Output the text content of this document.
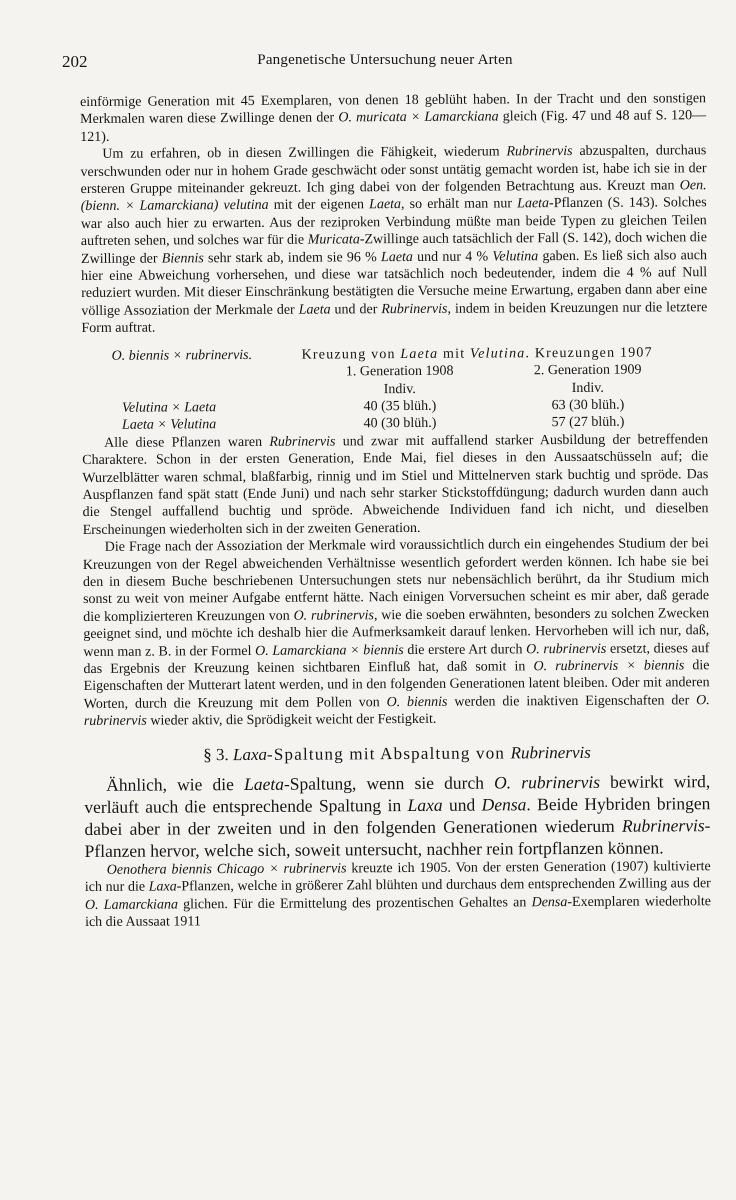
202	Pangenetische Untersuchung neuer Arten

einförmige Generation mit 45 Exemplaren, von denen 18 geblüht haben. In der Tracht und den sonstigen Merkmalen waren diese Zwillinge denen der O. muricata × Lamarckiana gleich (Fig. 47 und 48 auf S. 120—121).

Um zu erfahren, ob in diesen Zwillingen die Fähigkeit, wiederum Rubrinervis abzuspalten, durchaus verschwunden oder nur in hohem Grade geschwächt oder sonst untätig gemacht worden ist, habe ich sie in der ersteren Gruppe miteinander gekreuzt. Ich ging dabei von der folgenden Betrachtung aus. Kreuzt man Oen. (bienn. × Lamarckiana) velutina mit der eigenen Laeta, so erhält man nur Laeta-Pflanzen (S. 143). Solches war also auch hier zu erwarten. Aus der reziproken Verbindung müßte man beide Typen zu gleichen Teilen auftreten sehen, und solches war für die Muricata-Zwillinge auch tatsächlich der Fall (S. 142), doch wichen die Zwillinge der Biennis sehr stark ab, indem sie 96 % Laeta und nur 4 % Velutina gaben. Es ließ sich also auch hier eine Abweichung vorhersehen, und diese war tatsächlich noch bedeutender, indem die 4 % auf Null reduziert wurden. Mit dieser Einschränkung bestätigten die Versuche meine Erwartung, ergaben dann aber eine völlige Assoziation der Merkmale der Laeta und der Rubrinervis, indem in beiden Kreuzungen nur die letztere Form auftrat.

O. biennis × rubrinervis.	Kreuzung von Laeta mit Velutina. Kreuzungen 1907
	1. Generation 1908	2. Generation 1909
	Indiv.	Indiv.
Velutina × Laeta	40 (35 blüh.)	63 (30 blüh.)
Laeta × Velutina	40 (30 blüh.)	57 (27 blüh.)

Alle diese Pflanzen waren Rubrinervis und zwar mit auffallend starker Ausbildung der betreffenden Charaktere. Schon in der ersten Generation, Ende Mai, fiel dieses in den Aussaatschüsseln auf; die Wurzelblätter waren schmal, blaßfarbig, rinnig und im Stiel und Mittelnerven stark buchtig und spröde. Das Auspflanzen fand spät statt (Ende Juni) und nach sehr starker Stickstoffdüngung; dadurch wurden dann auch die Stengel auffallend buchtig und spröde. Abweichende Individuen fand ich nicht, und dieselben Erscheinungen wiederholten sich in der zweiten Generation.

Die Frage nach der Assoziation der Merkmale wird voraussichtlich durch ein eingehendes Studium der bei Kreuzungen von der Regel abweichenden Verhältnisse wesentlich gefordert werden können. Ich habe sie bei den in diesem Buche beschriebenen Untersuchungen stets nur nebensächlich berührt, da ihr Studium mich sonst zu weit von meiner Aufgabe entfernt hätte. Nach einigen Vorversuchen scheint es mir aber, daß gerade die komplizierteren Kreuzungen von O. rubrinervis, wie die soeben erwähnten, besonders zu solchen Zwecken geeignet sind, und möchte ich deshalb hier die Aufmerksamkeit darauf lenken. Hervorheben will ich nur, daß, wenn man z. B. in der Formel O. Lamarckiana × biennis die erstere Art durch O. rubrinervis ersetzt, dieses auf das Ergebnis der Kreuzung keinen sichtbaren Einfluß hat, daß somit in O. rubrinervis × biennis die Eigenschaften der Mutterart latent werden, und in den folgenden Generationen latent bleiben. Oder mit anderen Worten, durch die Kreuzung mit dem Pollen von O. biennis werden die inaktiven Eigenschaften der O. rubrinervis wieder aktiv, die Sprödigkeit weicht der Festigkeit.

§ 3. Laxa-Spaltung mit Abspaltung von Rubrinervis

Ähnlich, wie die Laeta-Spaltung, wenn sie durch O. rubrinervis bewirkt wird, verläuft auch die entsprechende Spaltung in Laxa und Densa. Beide Hybriden bringen dabei aber in der zweiten und in den folgenden Generationen wiederum Rubrinervis-Pflanzen hervor, welche sich, soweit untersucht, nachher rein fortpflanzen können.

Oenothera biennis Chicago × rubrinervis kreuzte ich 1905. Von der ersten Generation (1907) kultivierte ich nur die Laxa-Pflanzen, welche in größerer Zahl blühten und durchaus dem entsprechenden Zwilling aus der O. Lamarckiana glichen. Für die Ermittelung des prozentischen Gehaltes an Densa-Exemplaren wiederholte ich die Aussaat 1911
